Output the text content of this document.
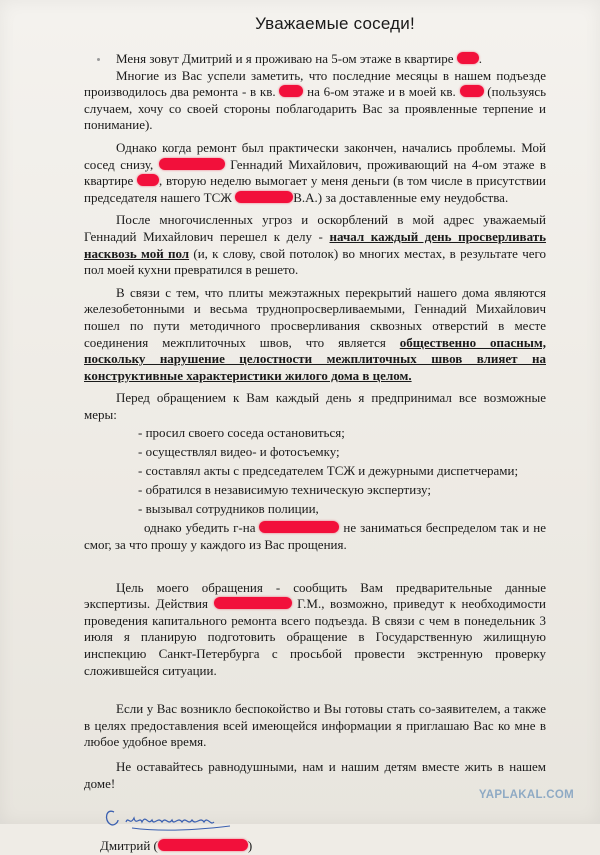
Уважаемые соседи!

Меня зовут Дмитрий и я проживаю на 5-ом этаже в квартире .

Многие из Вас успели заметить, что последние месяцы в нашем подъезде производилось два ремонта - в кв. на 6-ом этаже и в моей кв. (пользуясь случаем, хочу со своей стороны поблагодарить Вас за проявленные терпение и понимание).

Однако когда ремонт был практически закончен, начались проблемы. Мой сосед снизу,	Геннадий Михайлович, проживающий на 4-ом этаже в квартире , вторую неделю вымогает у меня деньги (в том числе в присутствии председателя нашего ТСЖ	В.А.) за доставленные ему неудобства.

После многочисленных угроз и оскорблений в мой адрес уважаемый Геннадий Михайлович перешел к делу - начал каждый день просверливать насквозь мой пол (и, к слову, свой потолок) во многих местах, в результате чего пол моей кухни превратился в решето.

В связи с тем, что плиты межэтажных перекрытий нашего дома являются железобетонными и весьма труднопросверливаемыми, Геннадий Михайлович пошел по пути методичного просверливания сквозных отверстий в месте соединения межплиточных швов, что является общественно опасным, поскольку нарушение целостности межплиточных швов влияет на конструктивные характеристики жилого дома в целом.

Перед обращением к Вам каждый день я предпринимал все возможные меры:

- просил своего соседа остановиться;
- осуществлял видео- и фотосъемку;
- составлял акты с председателем ТСЖ и дежурными диспетчерами;
- обратился в независимую техническую экспертизу;
- вызывал сотрудников полиции,

однако убедить г-на	не заниматься беспределом так и не смог, за что прошу у каждого из Вас прощения.

Цель моего обращения - сообщить Вам предварительные данные экспертизы. Действия	Г.М., возможно, приведут к необходимости проведения капитального ремонта всего подъезда. В связи с чем в понедельник 3 июля я планирую подготовить обращение в Государственную жилищную инспекцию Санкт-Петербурга с просьбой провести экстренную проверку сложившейся ситуации.

Если у Вас возникло беспокойство и Вы готовы стать со-заявителем, а также в целях предоставления всей имеющейся информации я приглашаю Вас ко мне в любое удобное время.

Не оставайтесь равнодушными, нам и нашим детям вместе жить в нашем доме!

Дмитрий (	)

YAPLAKAL.COM
